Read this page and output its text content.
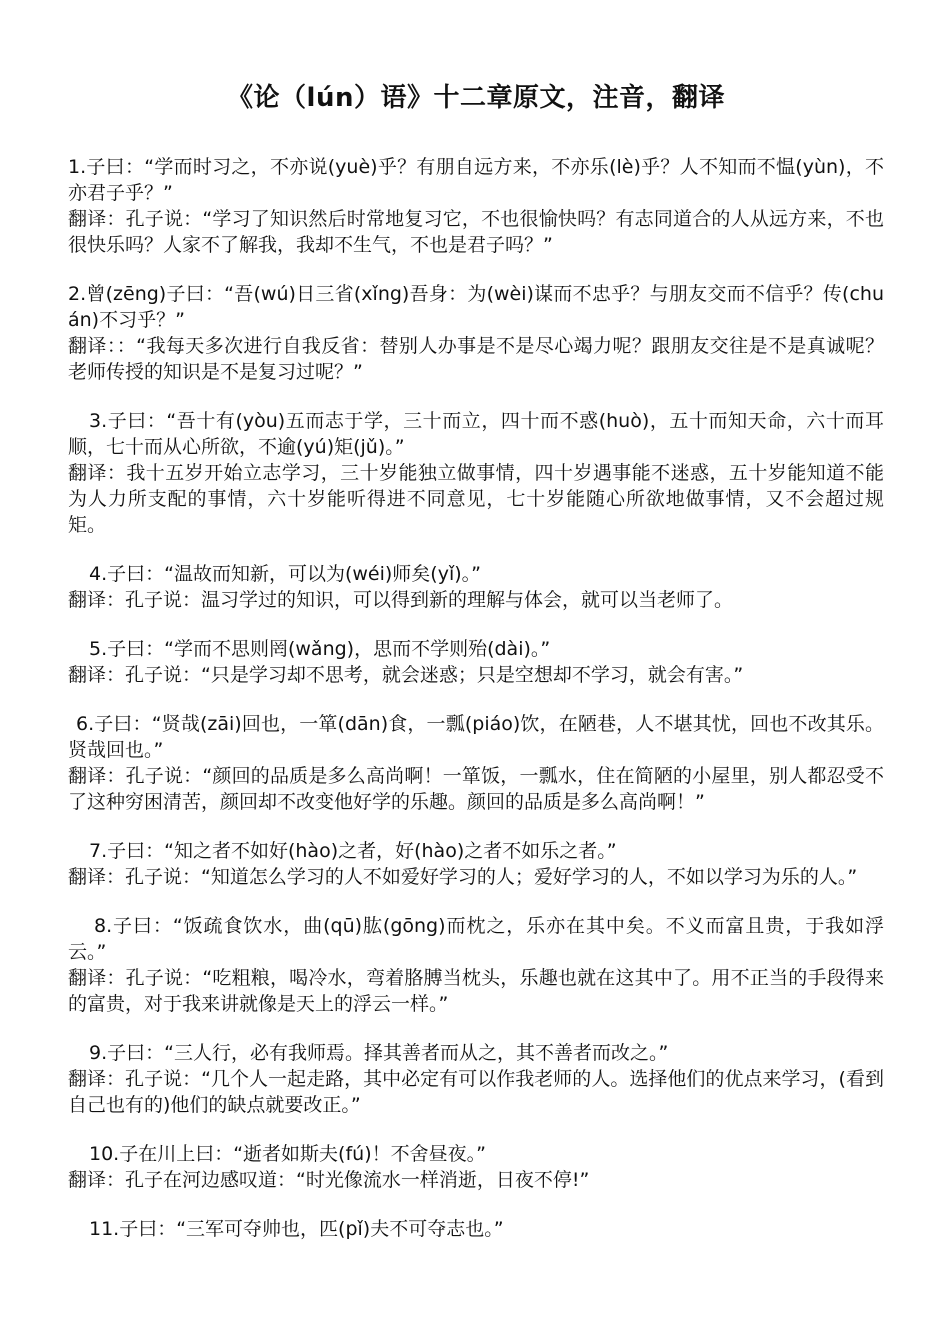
《论（lún）语》十二章原文，注音，翻译

1.子曰：“学而时习之，不亦说(yuè)乎？有朋自远方来，不亦乐(lè)乎？人不知而不愠(yùn)，不亦君子乎？”

翻译：孔子说：“学习了知识然后时常地复习它，不也很愉快吗？有志同道合的人从远方来，不也很快乐吗？人家不了解我，我却不生气，不也是君子吗？”

2.曾(zēng)子曰：“吾(wú)日三省(xǐng)吾身：为(wèi)谋而不忠乎？与朋友交而不信乎？传(chuán)不习乎？”

翻译：：“我每天多次进行自我反省：替别人办事是不是尽心竭力呢？跟朋友交往是不是真诚呢？老师传授的知识是不是复习过呢？”

3.子曰：“吾十有(yòu)五而志于学，三十而立，四十而不惑(huò)，五十而知天命，六十而耳顺，七十而从心所欲，不逾(yú)矩(jǔ)。”

翻译：我十五岁开始立志学习，三十岁能独立做事情，四十岁遇事能不迷惑，五十岁能知道不能为人力所支配的事情，六十岁能听得进不同意见，七十岁能随心所欲地做事情，又不会超过规矩。

4.子曰：“温故而知新，可以为(wéi)师矣(yǐ)。”

翻译：孔子说：温习学过的知识，可以得到新的理解与体会，就可以当老师了。

5.子曰：“学而不思则罔(wǎng)，思而不学则殆(dài)。”

翻译：孔子说：“只是学习却不思考，就会迷惑；只是空想却不学习，就会有害。”

6.子曰：“贤哉(zāi)回也，一箪(dān)食，一瓢(piáo)饮，在陋巷，人不堪其忧，回也不改其乐。贤哉回也。”

翻译：孔子说：“颜回的品质是多么高尚啊！一箪饭，一瓢水，住在简陋的小屋里，别人都忍受不了这种穷困清苦，颜回却不改变他好学的乐趣。颜回的品质是多么高尚啊！”

7.子曰：“知之者不如好(hào)之者，好(hào)之者不如乐之者。”

翻译：孔子说：“知道怎么学习的人不如爱好学习的人；爱好学习的人，不如以学习为乐的人。”

8.子曰：“饭疏食饮水，曲(qū)肱(gōng)而枕之，乐亦在其中矣。不义而富且贵，于我如浮云。”

翻译：孔子说：“吃粗粮，喝冷水，弯着胳膊当枕头，乐趣也就在这其中了。用不正当的手段得来的富贵，对于我来讲就像是天上的浮云一样。”

9.子曰：“三人行，必有我师焉。择其善者而从之，其不善者而改之。”

翻译：孔子说：“几个人一起走路，其中必定有可以作我老师的人。选择他们的优点来学习，(看到自己也有的)他们的缺点就要改正。”

10.子在川上曰：“逝者如斯夫(fú)！不舍昼夜。”

翻译：孔子在河边感叹道：“时光像流水一样消逝，日夜不停!”

11.子曰：“三军可夺帅也，匹(pǐ)夫不可夺志也。”
